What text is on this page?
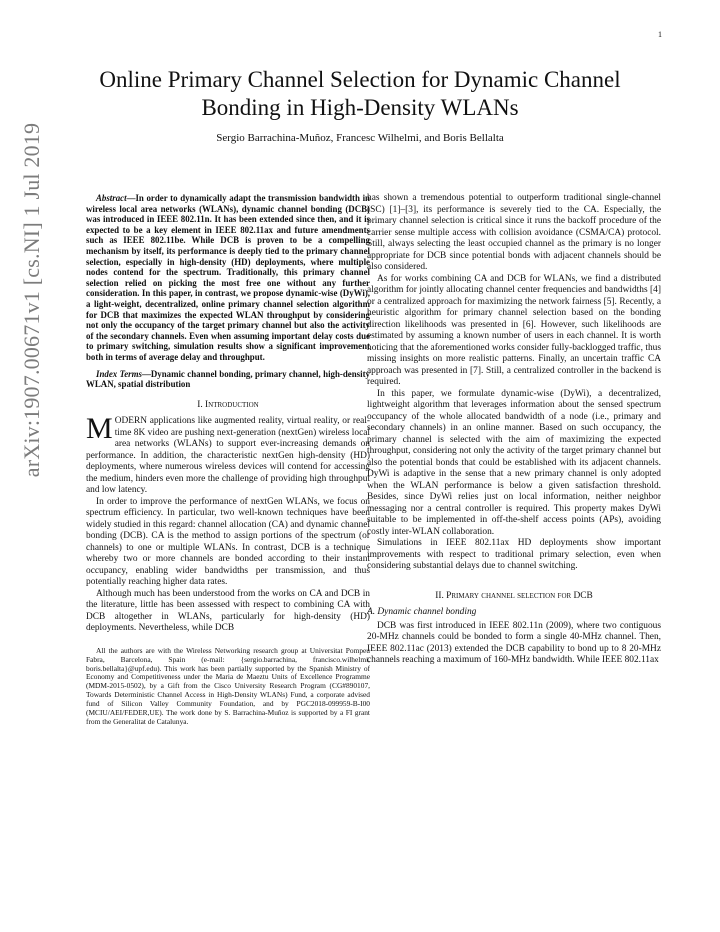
1
arXiv:1907.00671v1 [cs.NI] 1 Jul 2019
Online Primary Channel Selection for Dynamic Channel Bonding in High-Density WLANs
Sergio Barrachina-Muñoz, Francesc Wilhelmi, and Boris Bellalta

Abstract—In order to dynamically adapt the transmission bandwidth in wireless local area networks (WLANs), dynamic channel bonding (DCB) was introduced in IEEE 802.11n. It has been extended since then, and it is expected to be a key element in IEEE 802.11ax and future amendments such as IEEE 802.11be. While DCB is proven to be a compelling mechanism by itself, its performance is deeply tied to the primary channel selection, especially in high-density (HD) deployments, where multiple nodes contend for the spectrum. Traditionally, this primary channel selection relied on picking the most free one without any further consideration. In this paper, in contrast, we propose dynamic-wise (DyWi), a light-weight, decentralized, online primary channel selection algorithm for DCB that maximizes the expected WLAN throughput by considering not only the occupancy of the target primary channel but also the activity of the secondary channels. Even when assuming important delay costs due to primary switching, simulation results show a significant improvement both in terms of average delay and throughput.

Index Terms—Dynamic channel bonding, primary channel, high-density WLAN, spatial distribution

I. Introduction

MODERN applications like augmented reality, virtual reality, or real-time 8K video are pushing next-generation (nextGen) wireless local area networks (WLANs) to support ever-increasing demands on performance. In addition, the characteristic nextGen high-density (HD) deployments, where numerous wireless devices will contend for accessing the medium, hinders even more the challenge of providing high throughput and low latency.

In order to improve the performance of nextGen WLANs, we focus on spectrum efficiency. In particular, two well-known techniques have been widely studied in this regard: channel allocation (CA) and dynamic channel bonding (DCB). CA is the method to assign portions of the spectrum (or channels) to one or multiple WLANs. In contrast, DCB is a technique whereby two or more channels are bonded according to their instant occupancy, enabling wider bandwidths per transmission, and thus potentially reaching higher data rates.

Although much has been understood from the works on CA and DCB in the literature, little has been assessed with respect to combining CA with DCB altogether in WLANs, particularly for high-density (HD) deployments. Nevertheless, while DCB

All the authors are with the Wireless Networking research group at Universitat Pompeu Fabra, Barcelona, Spain (e-mail: {sergio.barrachina, francisco.wilhelmi, boris.bellalta}@upf.edu). This work has been partially supported by the Spanish Ministry of Economy and Competitiveness under the Maria de Maeztu Units of Excellence Programme (MDM-2015-0502), by a Gift from the Cisco University Research Program (CG#890107, Towards Deterministic Channel Access in High-Density WLANs) Fund, a corporate advised fund of Silicon Valley Community Foundation, and by PGC2018-099959-B-I00 (MCIU/AEI/FEDER,UE). The work done by S. Barrachina-Muñoz is supported by a FI grant from the Generalitat de Catalunya.

has shown a tremendous potential to outperform traditional single-channel (SC) [1]–[3], its performance is severely tied to the CA. Especially, the primary channel selection is critical since it runs the backoff procedure of the carrier sense multiple access with collision avoidance (CSMA/CA) protocol. Still, always selecting the least occupied channel as the primary is no longer appropriate for DCB since potential bonds with adjacent channels should be also considered.

As for works combining CA and DCB for WLANs, we find a distributed algorithm for jointly allocating channel center frequencies and bandwidths [4] or a centralized approach for maximizing the network fairness [5]. Recently, a heuristic algorithm for primary channel selection based on the bonding direction likelihoods was presented in [6]. However, such likelihoods are estimated by assuming a known number of users in each channel. It is worth noticing that the aforementioned works consider fully-backlogged traffic, thus missing insights on more realistic patterns. Finally, an uncertain traffic CA approach was presented in [7]. Still, a centralized controller in the backend is required.

In this paper, we formulate dynamic-wise (DyWi), a decentralized, lightweight algorithm that leverages information about the sensed spectrum occupancy of the whole allocated bandwidth of a node (i.e., primary and secondary channels) in an online manner. Based on such occupancy, the primary channel is selected with the aim of maximizing the expected throughput, considering not only the activity of the target primary channel but also the potential bonds that could be established with its adjacent channels. DyWi is adaptive in the sense that a new primary channel is only adopted when the WLAN performance is below a given satisfaction threshold. Besides, since DyWi relies just on local information, neither neighbor messaging nor a central controller is required. This property makes DyWi suitable to be implemented in off-the-shelf access points (APs), avoiding costly inter-WLAN collaboration.

Simulations in IEEE 802.11ax HD deployments show important improvements with respect to traditional primary selection, even when considering substantial delays due to channel switching.

II. Primary channel selection for DCB

A. Dynamic channel bonding

DCB was first introduced in IEEE 802.11n (2009), where two contiguous 20-MHz channels could be bonded to form a single 40-MHz channel. Then, IEEE 802.11ac (2013) extended the DCB capability to bond up to 8 20-MHz channels reaching a maximum of 160-MHz bandwidth. While IEEE 802.11ax
